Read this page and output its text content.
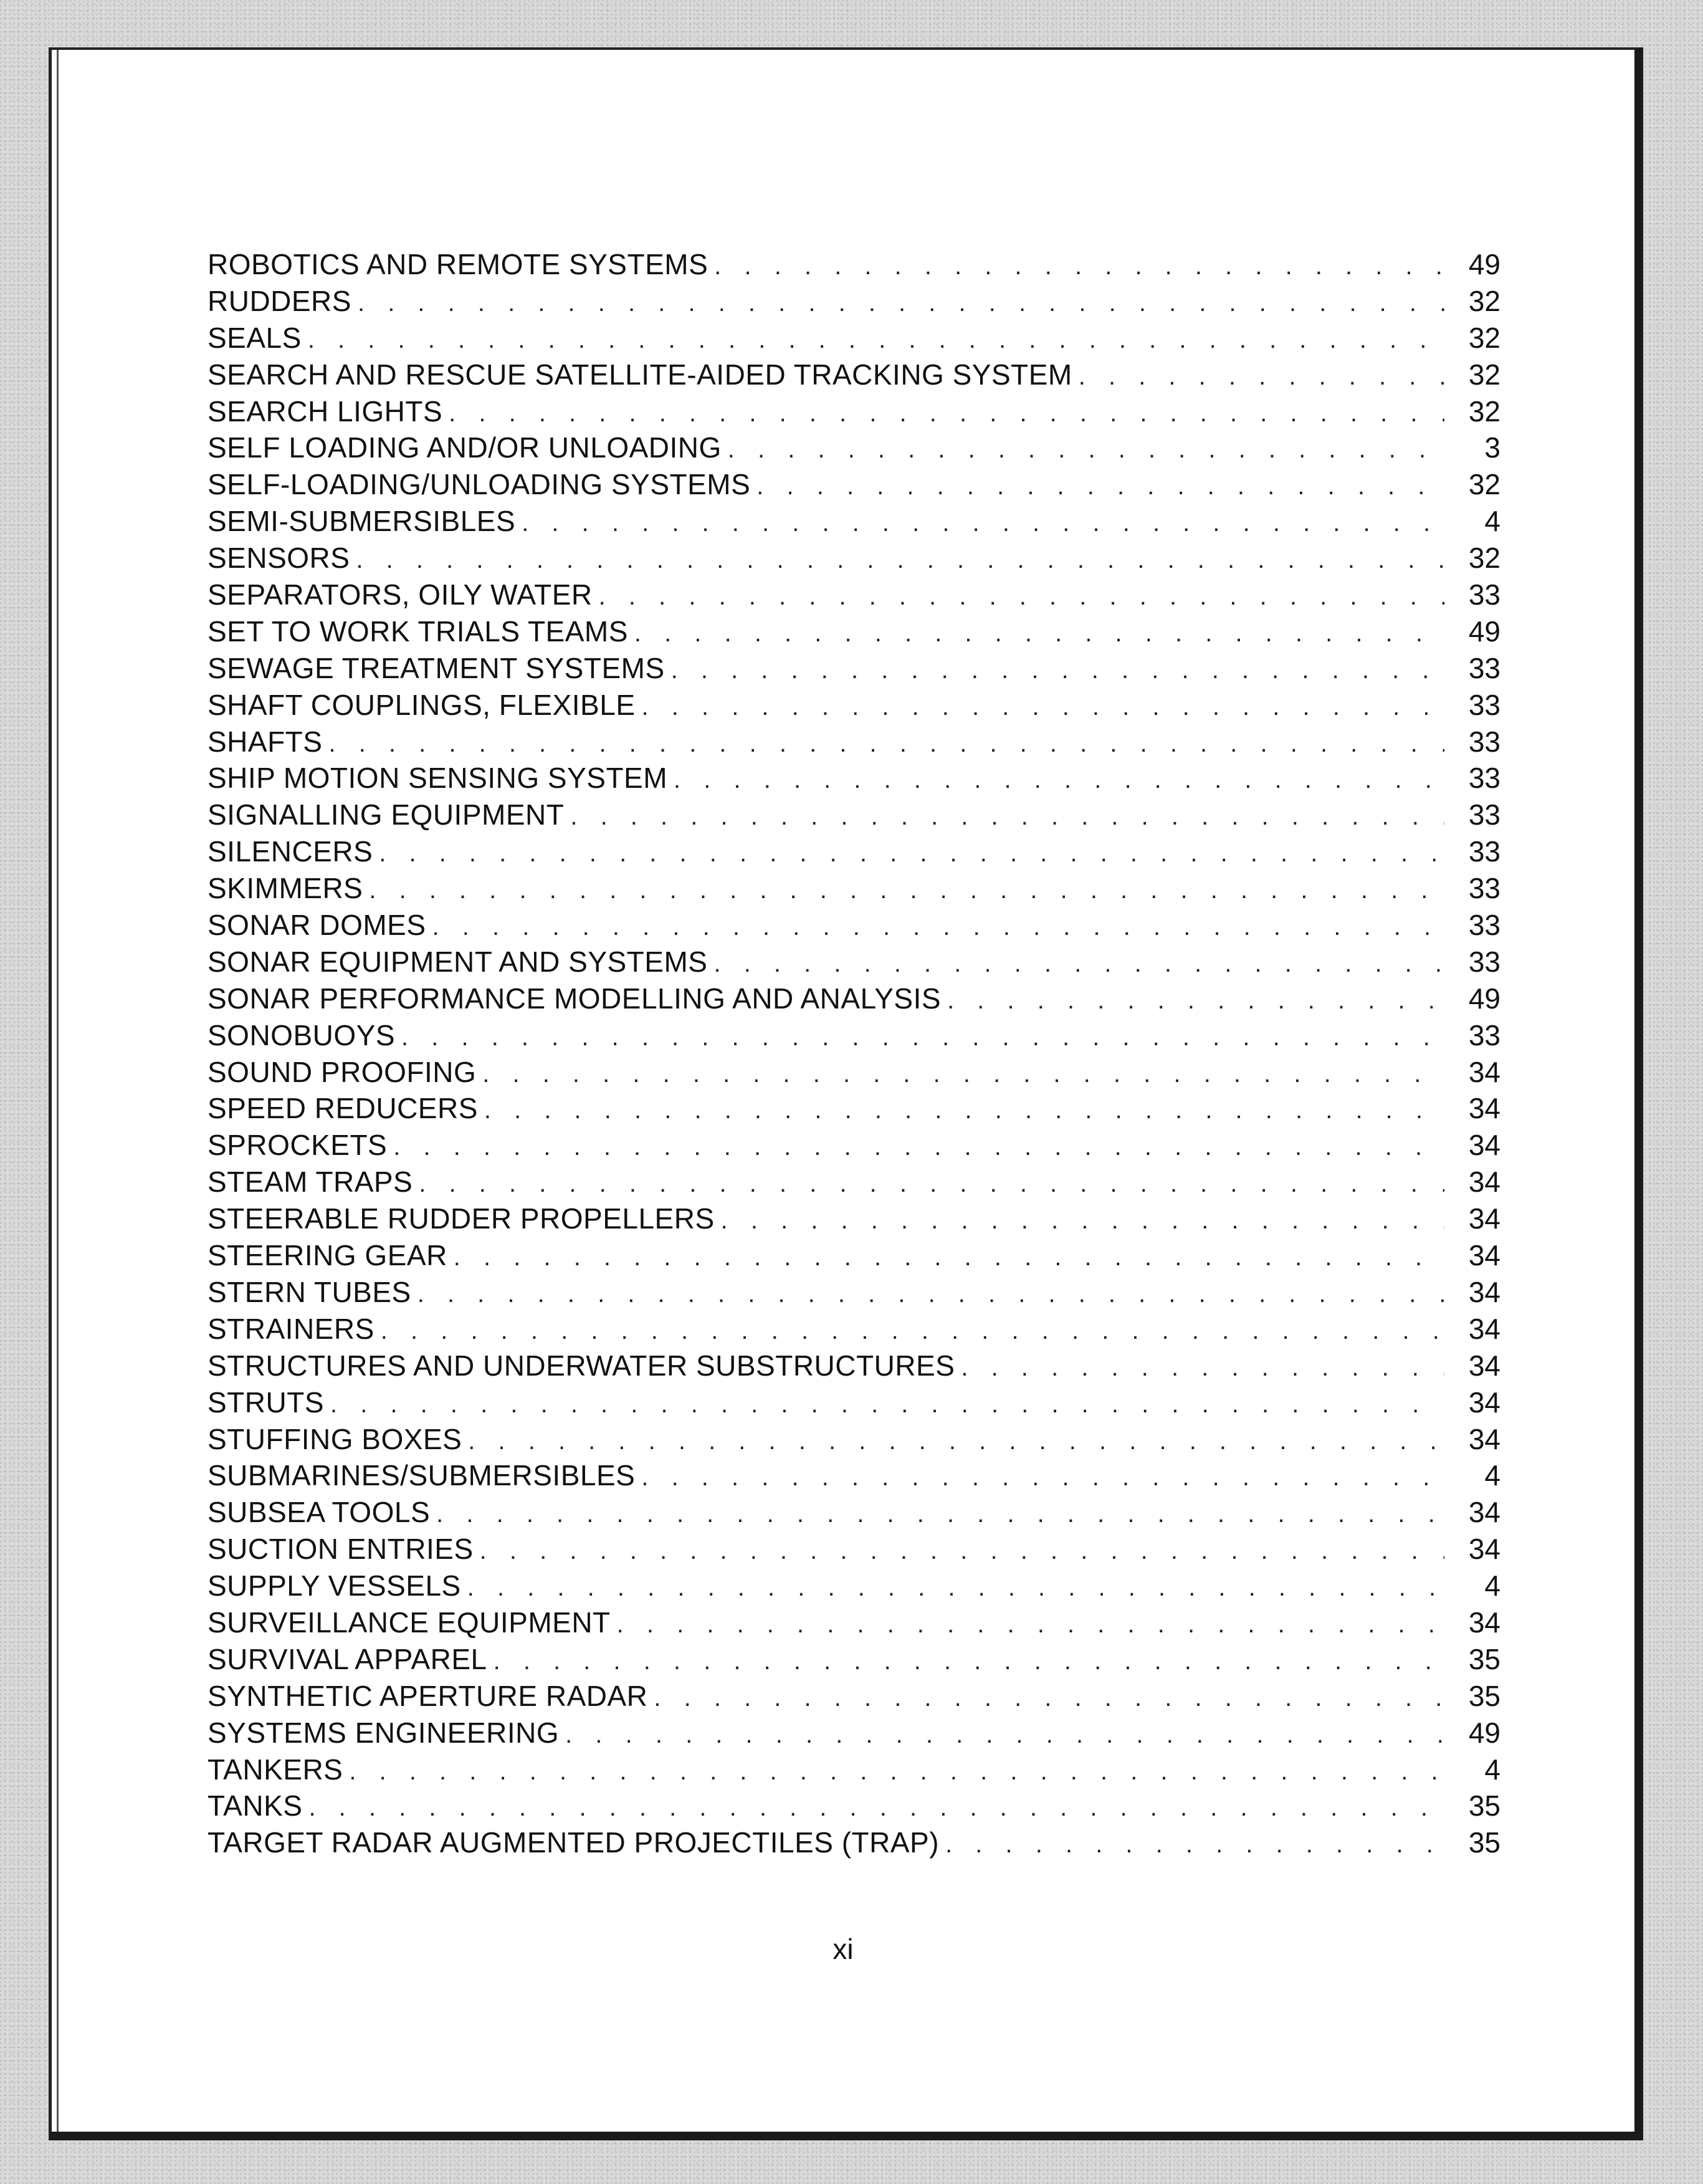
ROBOTICS AND REMOTE SYSTEMS . . .	49
RUDDERS . . .	32
SEALS . . .	32
SEARCH AND RESCUE SATELLITE-AIDED TRACKING SYSTEM . . .	32
SEARCH LIGHTS . . .	32
SELF LOADING AND/OR UNLOADING . . .	3
SELF-LOADING/UNLOADING SYSTEMS . . .	32
SEMI-SUBMERSIBLES . . .	4
SENSORS . . .	32
SEPARATORS, OILY WATER . . .	33
SET TO WORK TRIALS TEAMS . . .	49
SEWAGE TREATMENT SYSTEMS . . .	33
SHAFT COUPLINGS, FLEXIBLE . . .	33
SHAFTS . . .	33
SHIP MOTION SENSING SYSTEM . . .	33
SIGNALLING EQUIPMENT . . .	33
SILENCERS . . .	33
SKIMMERS . . .	33
SONAR DOMES . . .	33
SONAR EQUIPMENT AND SYSTEMS . . .	33
SONAR PERFORMANCE MODELLING AND ANALYSIS . . .	49
SONOBUOYS . . .	33
SOUND PROOFING . . .	34
SPEED REDUCERS . . .	34
SPROCKETS . . .	34
STEAM TRAPS . . .	34
STEERABLE RUDDER PROPELLERS . . .	34
STEERING GEAR . . .	34
STERN TUBES . . .	34
STRAINERS . . .	34
STRUCTURES AND UNDERWATER SUBSTRUCTURES . . .	34
STRUTS . . .	34
STUFFING BOXES . . .	34
SUBMARINES/SUBMERSIBLES . . .	4
SUBSEA TOOLS . . .	34
SUCTION ENTRIES . . .	34
SUPPLY VESSELS . . .	4
SURVEILLANCE EQUIPMENT . . .	34
SURVIVAL APPAREL . . .	35
SYNTHETIC APERTURE RADAR . . .	35
SYSTEMS ENGINEERING . . .	49
TANKERS . . .	4
TANKS . . .	35
TARGET RADAR AUGMENTED PROJECTILES (TRAP) . . .	35
xi
